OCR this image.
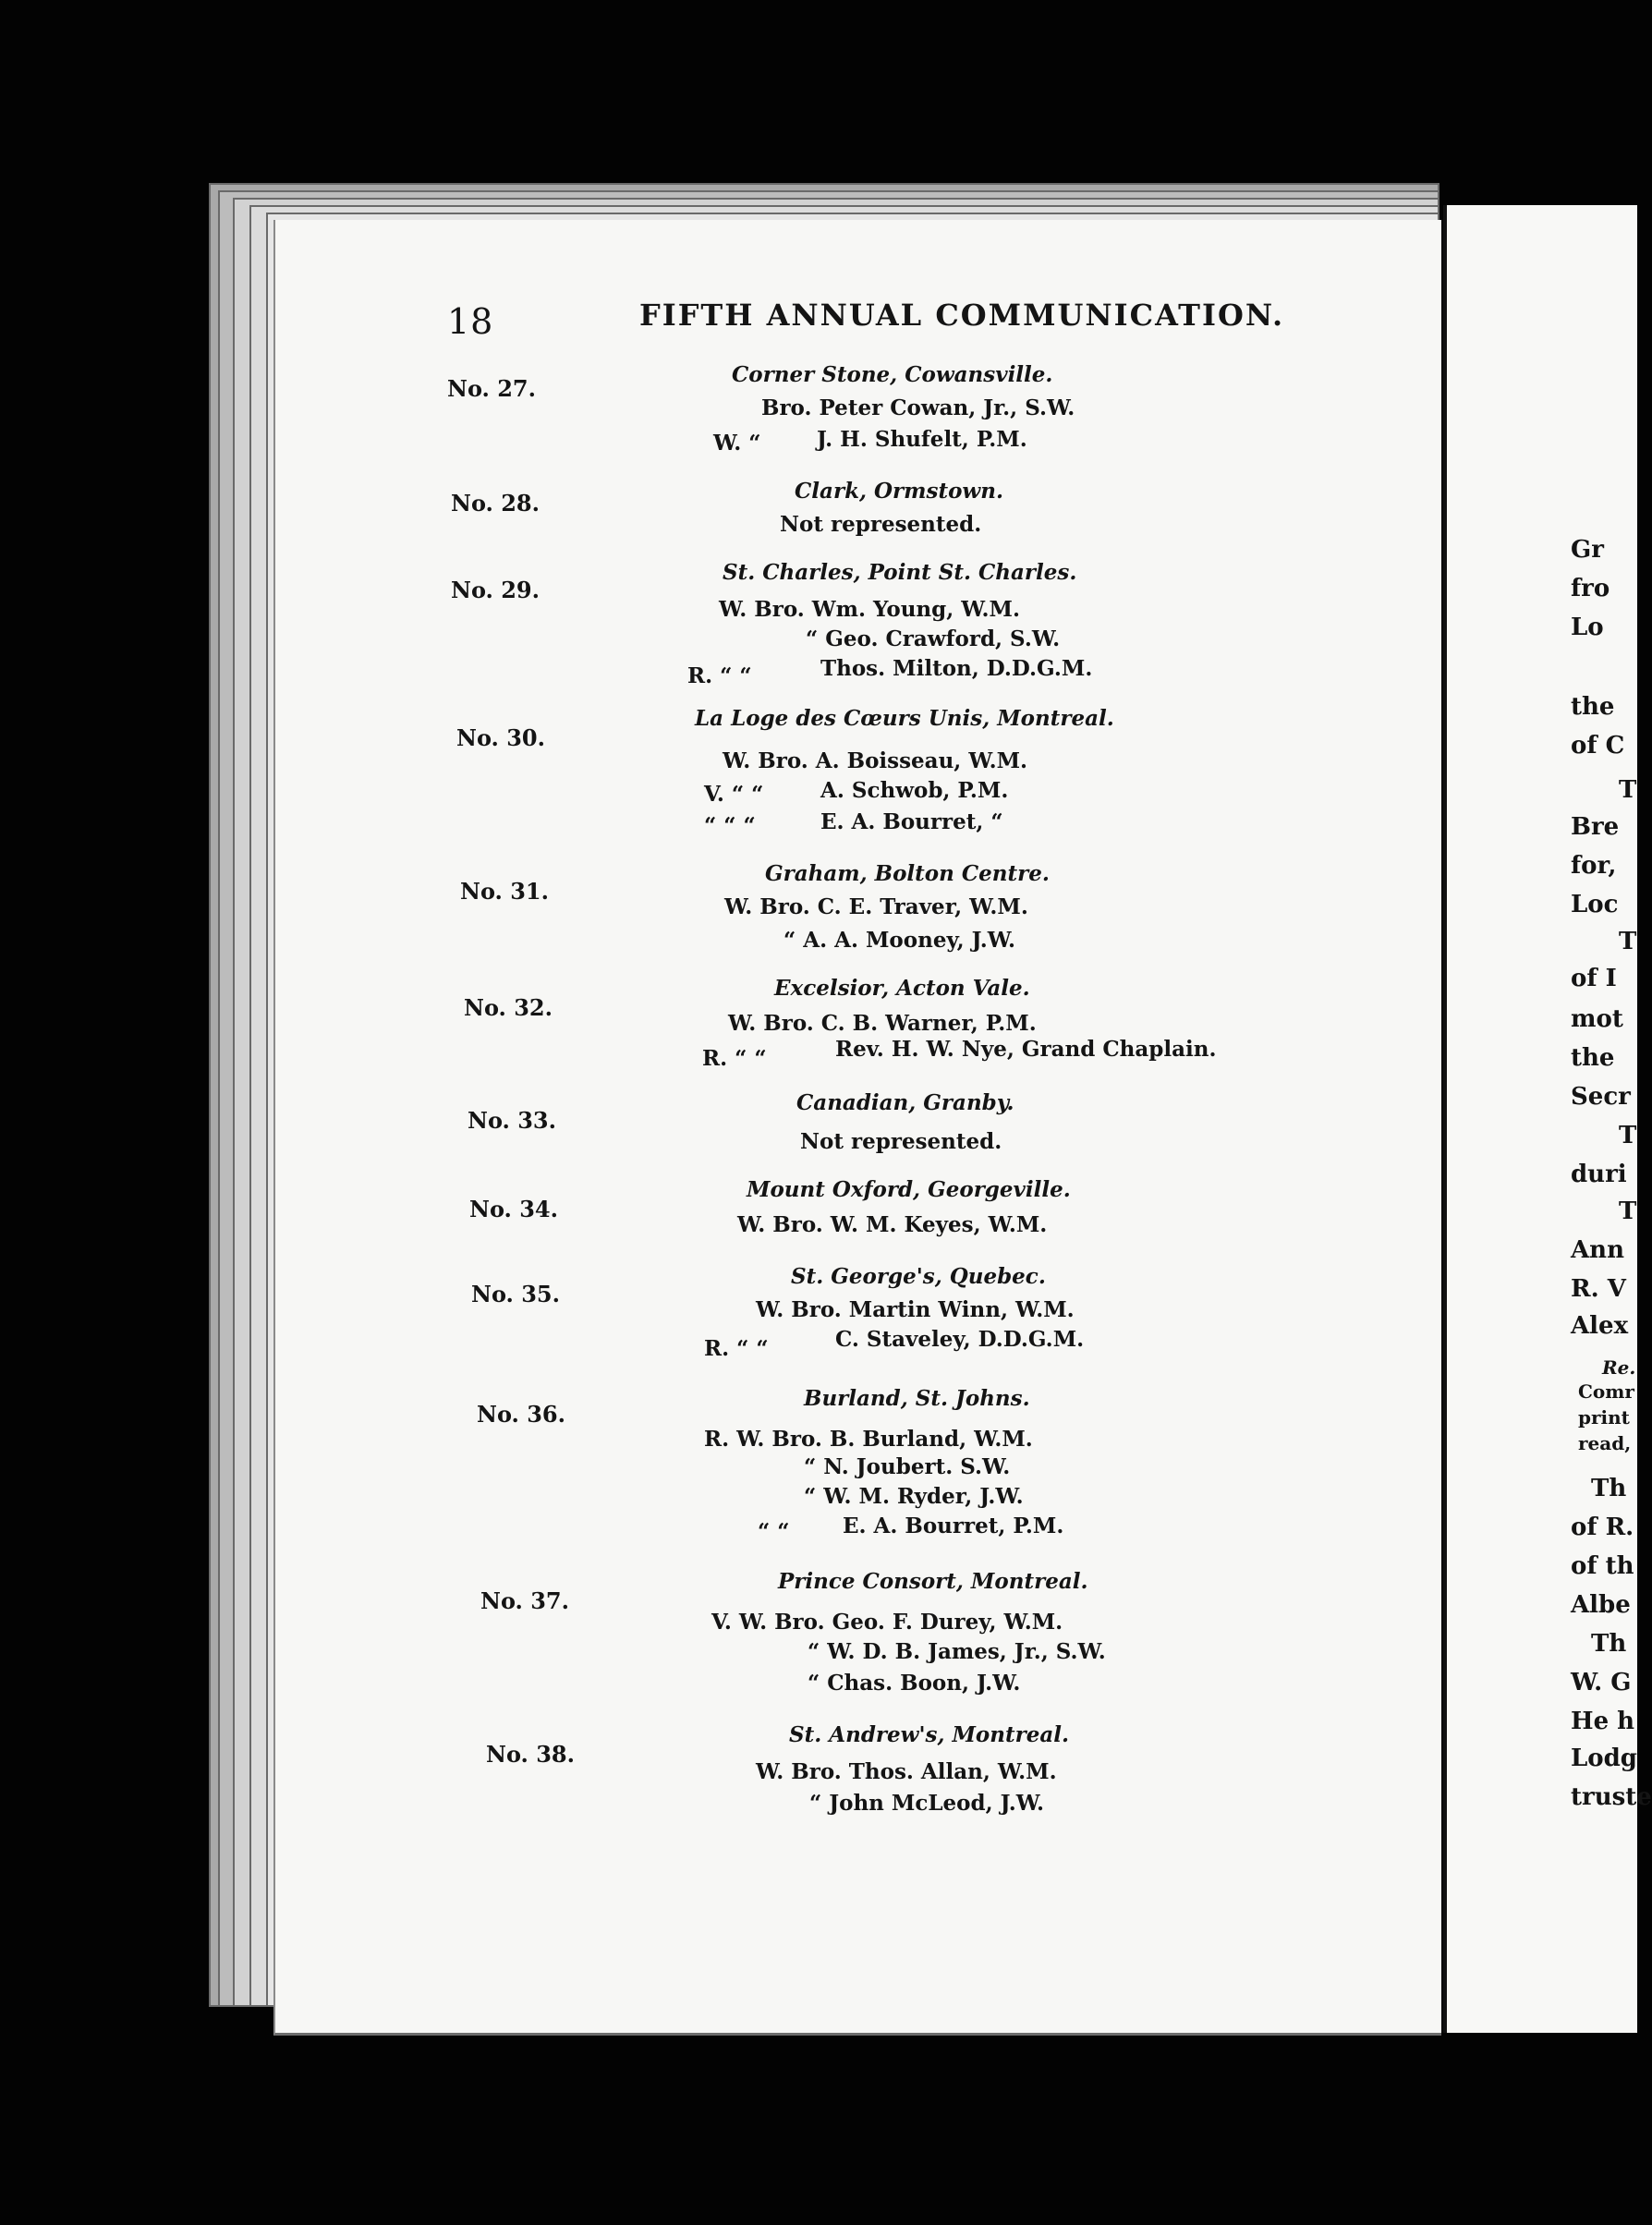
18	FIFTH ANNUAL COMMUNICATION.
No. 27.
Corner Stone, Cowansville.
Bro. Peter Cowan, Jr., S.W.
W. “	J. H. Shufelt, P.M.
No. 28.	Clark, Ormstown.
Not represented.
No. 29.
St. Charles, Point St. Charles.
W. Bro. Wm. Young, W.M.
“ Geo. Crawford, S.W.
R. “ “	Thos. Milton, D.D.G.M.
No. 30.
La Loge des Cœurs Unis, Montreal.
W. Bro. A. Boisseau, W.M.
V. “ “	A. Schwob, P.M.
“ “ “	E. A. Bourret, “
No. 31.
Graham, Bolton Centre.
W. Bro. C. E. Traver, W.M.
“ A. A. Mooney, J.W.
No. 32.
Excelsior, Acton Vale.
W. Bro. C. B. Warner, P.M.
R. “ “	Rev. H. W. Nye, Grand Chaplain.
No. 33.
Canadian, Granby.
Not represented.
No. 34.
Mount Oxford, Georgeville.
W. Bro. W. M. Keyes, W.M.
No. 35.
St. George's, Quebec.
W. Bro. Martin Winn, W.M.
R. “ “	C. Staveley, D.D.G.M.
No. 36.
Burland, St. Johns.
R. W. Bro. B. Burland, W.M.
“ N. Joubert. S.W.
“ W. M. Ryder, J.W.
“ “	E. A. Bourret, P.M.
No. 37.
Prince Consort, Montreal.
V. W. Bro. Geo. F. Durey, W.M.
“ W. D. B. James, Jr., S.W.
“ Chas. Boon, J.W.
No. 38.
St. Andrew's, Montreal.
W. Bro. Thos. Allan, W.M.
“ John McLeod, J.W.
Gr
fro
Lo
the
of C
T
Bre
for,
Loc
T
of I
mot
the
Secr
T
duri
T
Ann
R. V
Alex
Re.
Comr
print
read,
Th
of R.
of th
Albe
Th
W. G
He h
Lodg
truste
